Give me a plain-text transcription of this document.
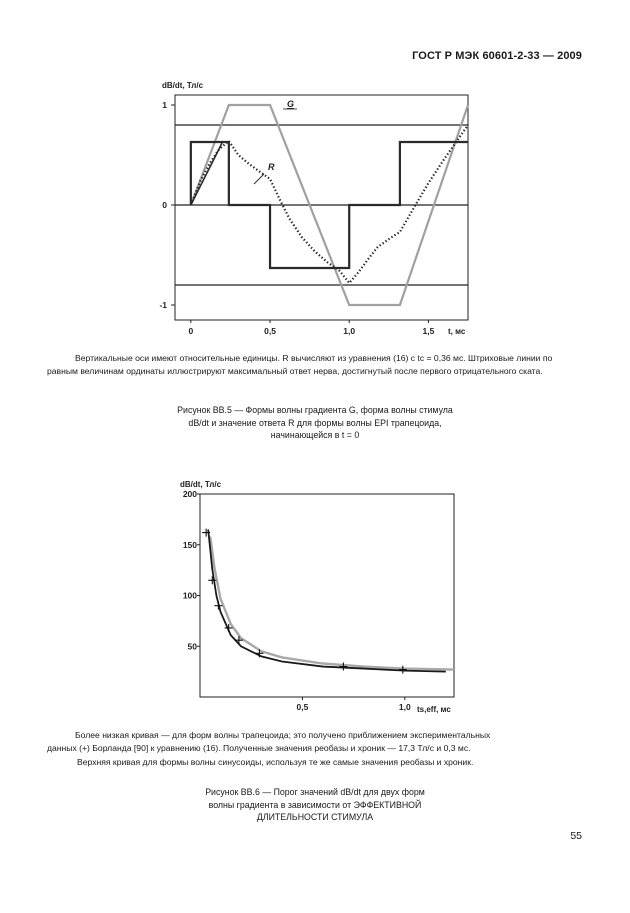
ГОСТ Р МЭК 60601-2-33 — 2009
dB/dt, Тл/с
t, мс
G
R
1
0
-1
0	0,5	1,0	1,5
Вертикальные оси имеют относительные единицы. R вычисляют из уравнения (16) с tc = 0,36 мс. Штриховые линии по равным величинам ординаты иллюстрируют максимальный ответ нерва, достигнутый после первого отрицательного ската.
Рисунок ВВ.5 — Формы волны градиента G, форма волны стимула
dB/dt и значение ответа R для формы волны EPI трапецоида,
начинающейся в t = 0
dB/dt, Тл/с
ts,eff, мс
200
150
100
50
0,5	1,0
Более низкая кривая — для форм волны трапецоида; это получено приближением экспериментальных
данных (+) Борланда [90] к уравнению (16). Полученные значения реобазы и хроник — 17,3 Тл/с и 0,3 мс.
Верхняя кривая для формы волны синусоиды, используя те же самые значения реобазы и хроник.
Рисунок ВВ.6 — Порог значений dB/dt для двух форм
волны градиента в зависимости от ЭФФЕКТИВНОЙ
ДЛИТЕЛЬНОСТИ СТИМУЛА
55
